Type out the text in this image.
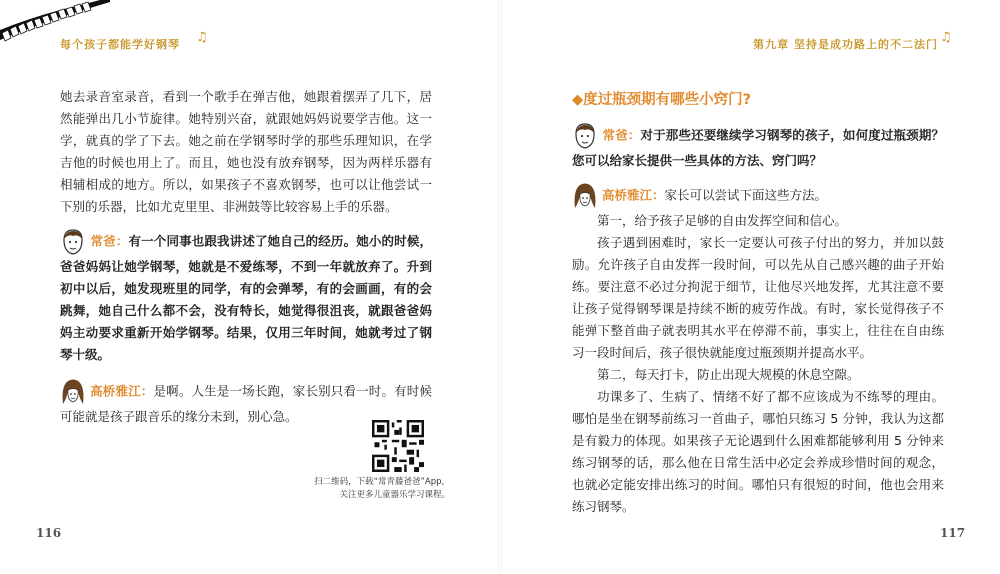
每个孩子都能学好钢琴 ♫

她去录音室录音，看到一个歌手在弹吉他，她跟着摆弄了几下，居然能弹出几小节旋律。她特别兴奋，就跟她妈妈说要学吉他。这一学，就真的学了下去。她之前在学钢琴时学的那些乐理知识，在学吉他的时候也用上了。而且，她也没有放弃钢琴，因为两样乐器有相辅相成的地方。所以，如果孩子不喜欢钢琴，也可以让他尝试一下别的乐器，比如尤克里里、非洲鼓等比较容易上手的乐器。

常爸：有一个同事也跟我讲述了她自己的经历。她小的时候，爸爸妈妈让她学钢琴，她就是不爱练琴，不到一年就放弃了。升到初中以后，她发现班里的同学，有的会弹琴，有的会画画，有的会跳舞，她自己什么都不会，没有特长，她觉得很沮丧，就跟爸爸妈妈主动要求重新开始学钢琴。结果，仅用三年时间，她就考过了钢琴十级。

高桥雅江：是啊。人生是一场长跑，家长别只看一时。有时候可能就是孩子跟音乐的缘分未到，别心急。

扫二维码，下载“常青藤爸爸”App，
关注更多儿童器乐学习课程。
116
第九章 坚持是成功路上的不二法门 ♫
◆度过瓶颈期有哪些小窍门?

常爸：对于那些还要继续学习钢琴的孩子，如何度过瓶颈期？您可以给家长提供一些具体的方法、窍门吗？

高桥雅江：家长可以尝试下面这些方法。

第一，给予孩子足够的自由发挥空间和信心。

孩子遇到困难时，家长一定要认可孩子付出的努力，并加以鼓励。允许孩子自由发挥一段时间，可以先从自己感兴趣的曲子开始练。要注意不必过分拘泥于细节，让他尽兴地发挥，尤其注意不要让孩子觉得钢琴课是持续不断的疲劳作战。有时，家长觉得孩子不能弹下整首曲子就表明其水平在停滞不前，事实上，往往在自由练习一段时间后，孩子很快就能度过瓶颈期并提高水平。

第二，每天打卡，防止出现大规模的休息空隙。

功课多了、生病了、情绪不好了都不应该成为不练琴的理由。哪怕是坐在钢琴前练习一首曲子，哪怕只练习 5 分钟，我认为这都是有毅力的体现。如果孩子无论遇到什么困难都能够利用 5 分钟来练习钢琴的话，那么他在日常生活中必定会养成珍惜时间的观念，也就必定能安排出练习的时间。哪怕只有很短的时间，他也会用来练习钢琴。

117
